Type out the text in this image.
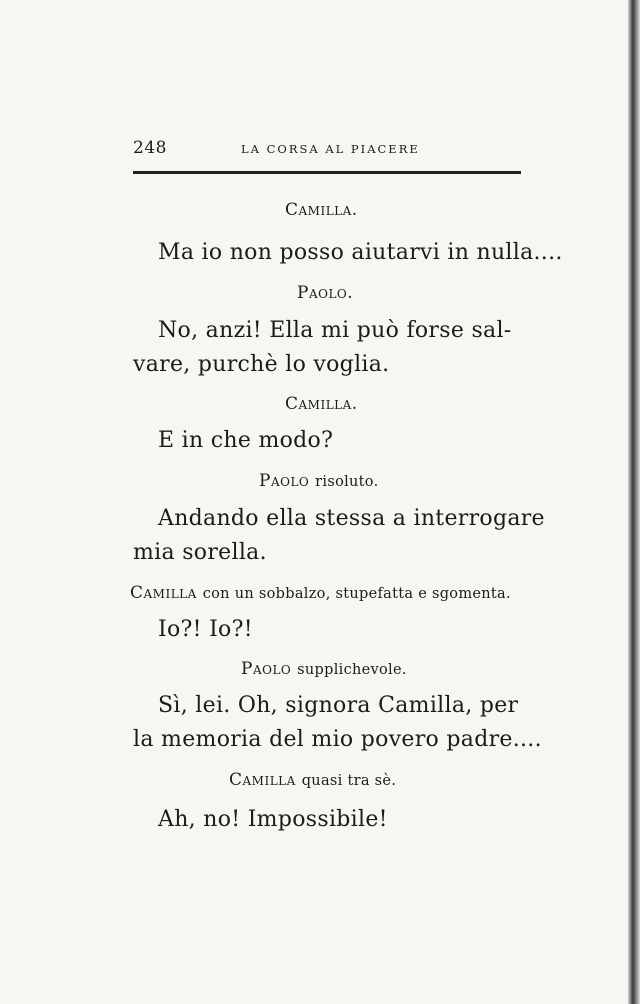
248	LA CORSA AL PIACERE
Camilla.
Ma io non posso aiutarvi in nulla....
Paolo.
No, anzi! Ella mi può forse sal-
vare, purchè lo voglia.
Camilla.
E in che modo?
Paolo risoluto.
Andando ella stessa a interrogare
mia sorella.
Camilla con un sobbalzo, stupefatta e sgomenta.
Io?! Io?!
Paolo supplichevole.
Sì, lei. Oh, signora Camilla, per
la memoria del mio povero padre....
Camilla quasi tra sè.
Ah, no! Impossibile!
